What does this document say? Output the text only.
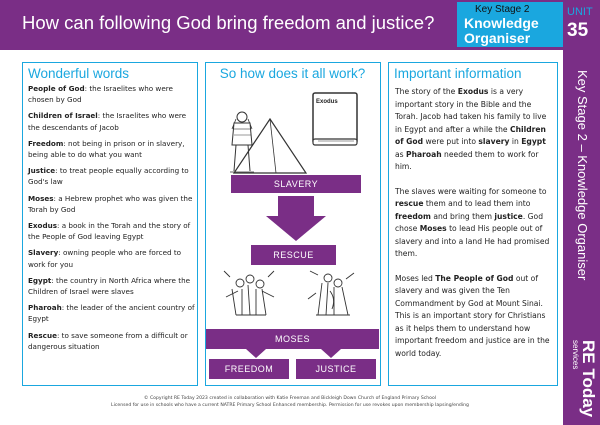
How can following God bring freedom and justice?
Key Stage 2
Knowledge
Organiser
UNIT
35
Key Stage 2 – Knowledge Organiser
RE Today
services
Wonderful words
People of God: the Israelites who were chosen by God
Children of Israel: the Israelites who were the descendants of Jacob
Freedom: not being in prison or in slavery, being able to do what you want
Justice: to treat people equally according to God's law
Moses: a Hebrew prophet who was given the Torah by God
Exodus: a book in the Torah and the story of the People of God leaving Egypt
Slavery: owning people who are forced to work for you
Egypt: the country in North Africa where the Children of Israel were slaves
Pharoah: the leader of the ancient country of Egypt
Rescue: to save someone from a difficult or dangerous situation
So how does it all work?
Exodus
SLAVERY
RESCUE
MOSES
FREEDOM	JUSTICE
Important information

The story of the Exodus is a very important story in the Bible and the Torah. Jacob had taken his family to live in Egypt and after a while the Children of God were put into slavery in Egypt as Pharoah needed them to work for him.

The slaves were waiting for someone to rescue them and to lead them into freedom and bring them justice. God chose Moses to lead His people out of slavery and into a land He had promised them.

Moses led The People of God out of slavery and was given the Ten Commandment by God at Mount Sinai. This is an important story for Christians as it helps them to understand how important freedom and justice are in the world today.

© Copyright RE Today 2023 created in collaboration with Katie Freeman and Bickleigh Down Church of England Primary School
Licensed for use in schools who have a current NATRE Primary School Enhanced membership. Permission for use revokes upon membership lapsing/ending
